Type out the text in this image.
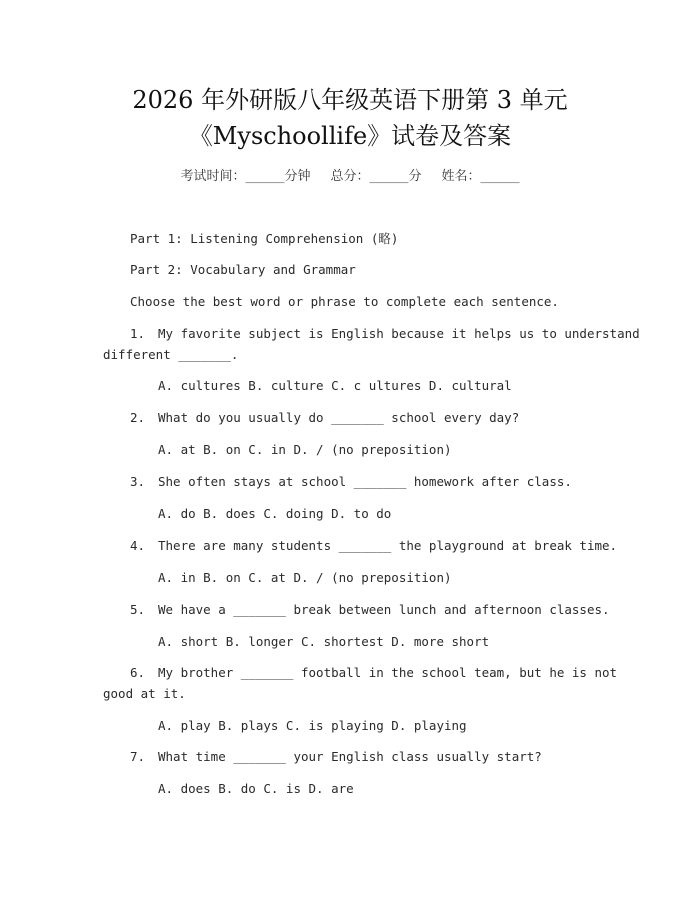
2026 年外研版八年级英语下册第 3 单元
《Myschoollife》试卷及答案
考试时间：______分钟 总分：______分 姓名：______
Part 1: Listening Comprehension (略)
Part 2: Vocabulary and Grammar
Choose the best word or phrase to complete each sentence.
1. My favorite subject is English because it helps us to understand
different _______.
A. cultures B. culture C. c ultures D. cultural
2. What do you usually do _______ school every day?
A. at B. on C. in D. / (no preposition)
3. She often stays at school _______ homework after class.
A. do B. does C. doing D. to do
4. There are many students _______ the playground at break time.
A. in B. on C. at D. / (no preposition)
5. We have a _______ break between lunch and afternoon classes.
A. short B. longer C. shortest D. more short
6. My brother _______ football in the school team, but he is not
good at it.
A. play B. plays C. is playing D. playing
7. What time _______ your English class usually start?
A. does B. do C. is D. are
